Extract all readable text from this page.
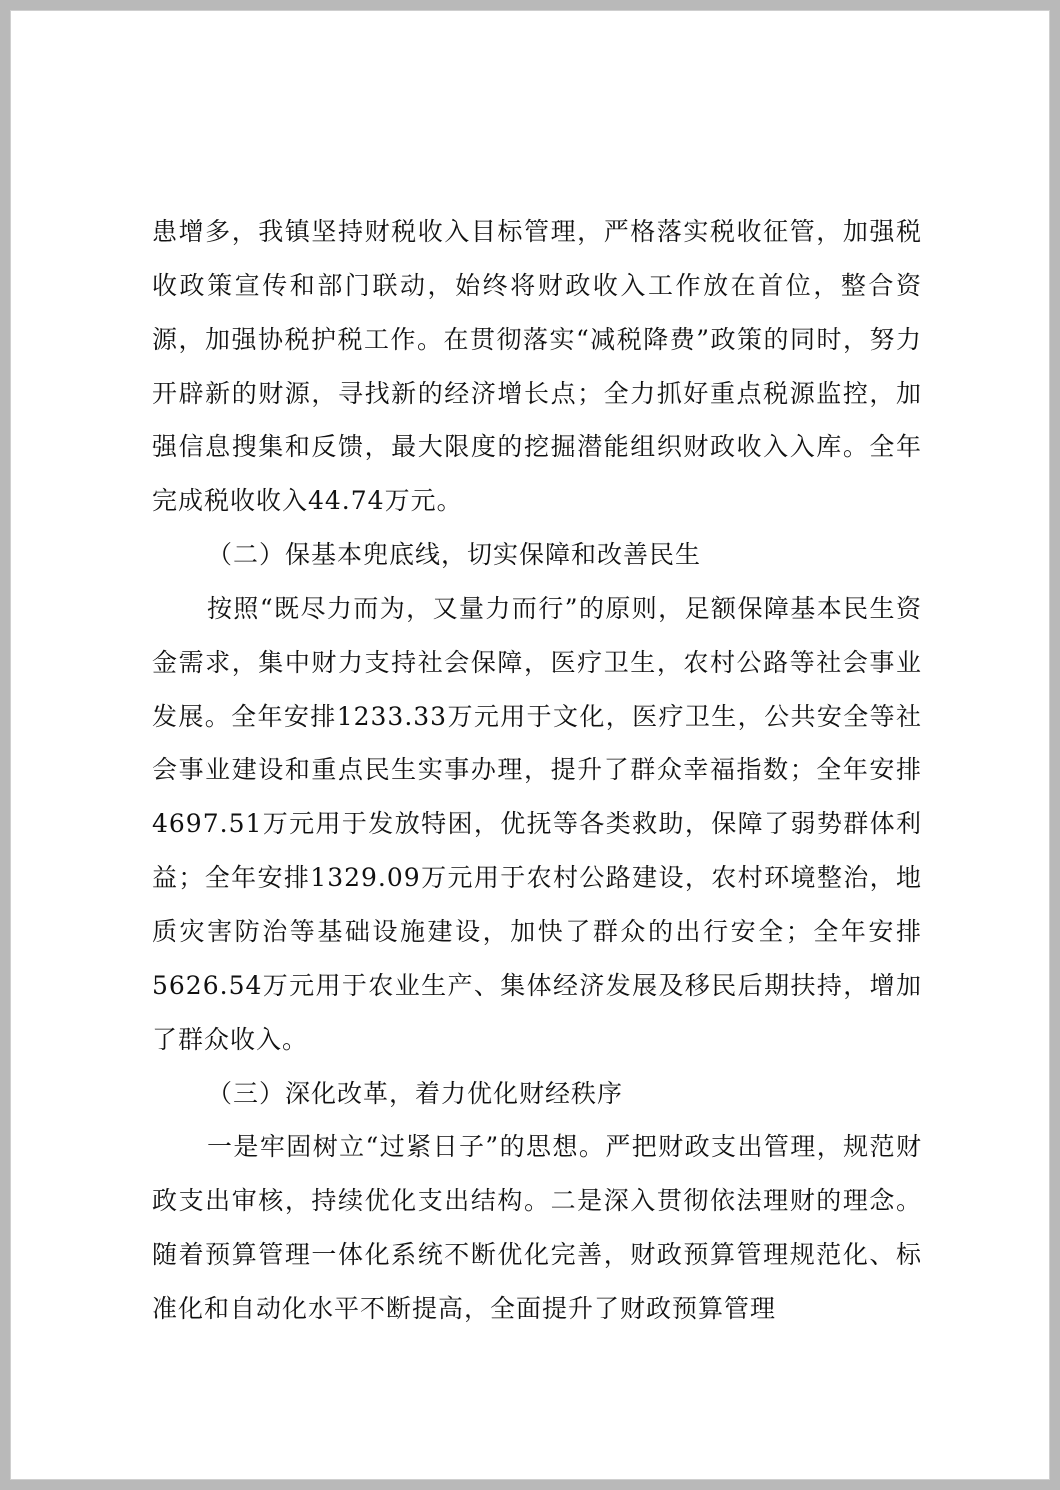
患增多，我镇坚持财税收入目标管理，严格落实税收征管，加强税收政策宣传和部门联动，始终将财政收入工作放在首位，整合资源，加强协税护税工作。在贯彻落实“减税降费”政策的同时，努力开辟新的财源，寻找新的经济增长点；全力抓好重点税源监控，加强信息搜集和反馈，最大限度的挖掘潜能组织财政收入入库。全年完成税收收入44.74万元。

（二）保基本兜底线，切实保障和改善民生

按照“既尽力而为，又量力而行”的原则，足额保障基本民生资金需求，集中财力支持社会保障，医疗卫生，农村公路等社会事业发展。全年安排1233.33万元用于文化，医疗卫生，公共安全等社会事业建设和重点民生实事办理，提升了群众幸福指数；全年安排4697.51万元用于发放特困，优抚等各类救助，保障了弱势群体利益；全年安排1329.09万元用于农村公路建设，农村环境整治，地质灾害防治等基础设施建设，加快了群众的出行安全；全年安排5626.54万元用于农业生产、集体经济发展及移民后期扶持，增加了群众收入。

（三）深化改革，着力优化财经秩序

一是牢固树立“过紧日子”的思想。严把财政支出管理，规范财政支出审核，持续优化支出结构。二是深入贯彻依法理财的理念。随着预算管理一体化系统不断优化完善，财政预算管理规范化、标准化和自动化水平不断提高，全面提升了财政预算管理
